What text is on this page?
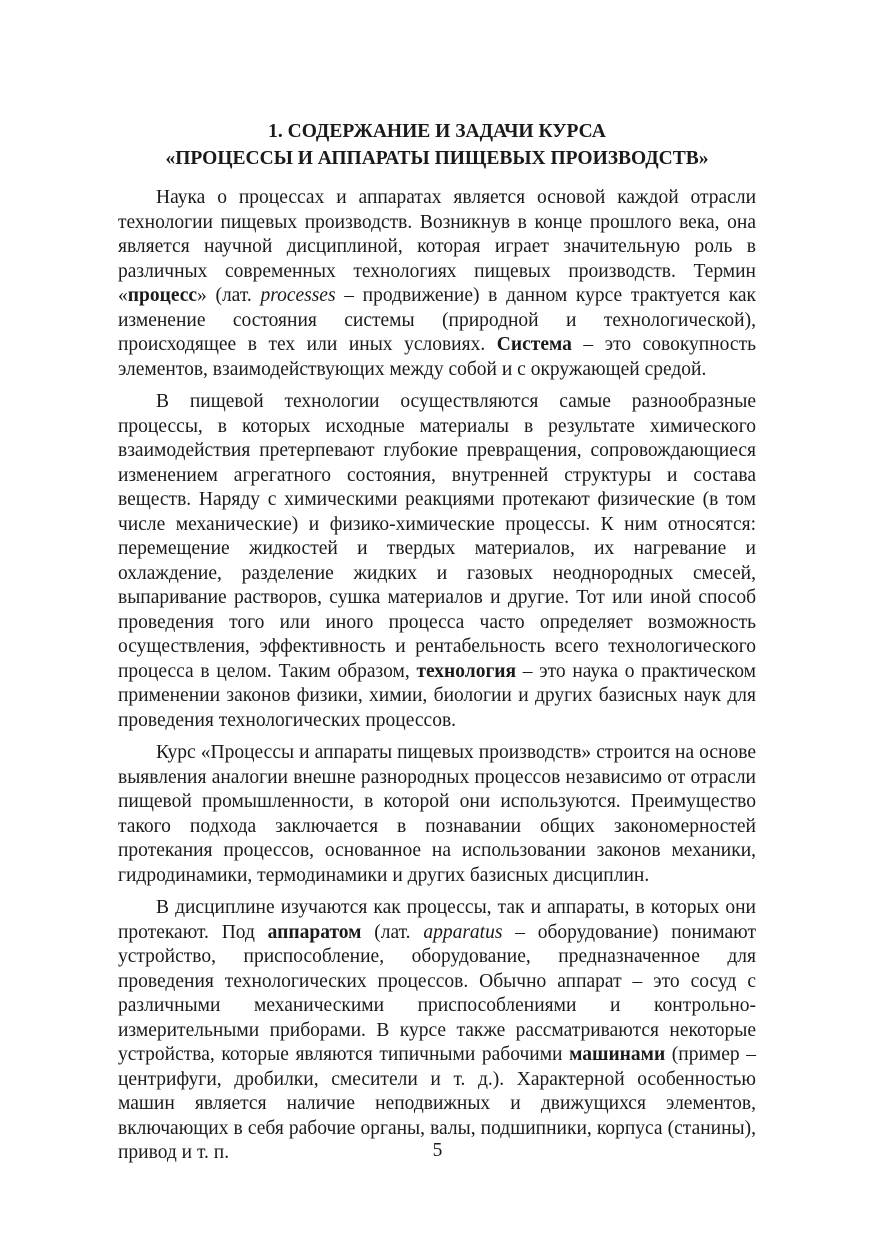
1. СОДЕРЖАНИЕ И ЗАДАЧИ КУРСА
«ПРОЦЕССЫ И АППАРАТЫ ПИЩЕВЫХ ПРОИЗВОДСТВ»

Наука о процессах и аппаратах является основой каждой отрасли технологии пищевых производств. Возникнув в конце прошлого века, она является научной дисциплиной, которая играет значительную роль в различных современных технологиях пищевых производств. Термин «процесс» (лат. processes – продвижение) в данном курсе трактуется как изменение состояния системы (природной и технологической), происходящее в тех или иных условиях. Система – это совокупность элементов, взаимодействующих между собой и с окружающей средой.

В пищевой технологии осуществляются самые разнообразные процессы, в которых исходные материалы в результате химического взаимодействия претерпевают глубокие превращения, сопровождающиеся изменением агрегатного состояния, внутренней структуры и состава веществ. Наряду с химическими реакциями протекают физические (в том числе механические) и физико-химические процессы. К ним относятся: перемещение жидкостей и твердых материалов, их нагревание и охлаждение, разделение жидких и газовых неоднородных смесей, выпаривание растворов, сушка материалов и другие. Тот или иной способ проведения того или иного процесса часто определяет возможность осуществления, эффективность и рентабельность всего технологического процесса в целом. Таким образом, технология – это наука о практическом применении законов физики, химии, биологии и других базисных наук для проведения технологических процессов.

Курс «Процессы и аппараты пищевых производств» строится на основе выявления аналогии внешне разнородных процессов независимо от отрасли пищевой промышленности, в которой они используются. Преимущество такого подхода заключается в познавании общих закономерностей протекания процессов, основанное на использовании законов механики, гидродинамики, термодинамики и других базисных дисциплин.

В дисциплине изучаются как процессы, так и аппараты, в которых они протекают. Под аппаратом (лат. apparatus – оборудование) понимают устройство, приспособление, оборудование, предназначенное для проведения технологических процессов. Обычно аппарат – это сосуд с различными механическими приспособлениями и контрольно-измерительными приборами. В курсе также рассматриваются некоторые устройства, которые являются типичными рабочими машинами (пример – центрифуги, дробилки, смесители и т. д.). Характерной особенностью машин является наличие неподвижных и движущихся элементов, включающих в себя рабочие органы, валы, подшипники, корпуса (станины), привод и т. п.	5
